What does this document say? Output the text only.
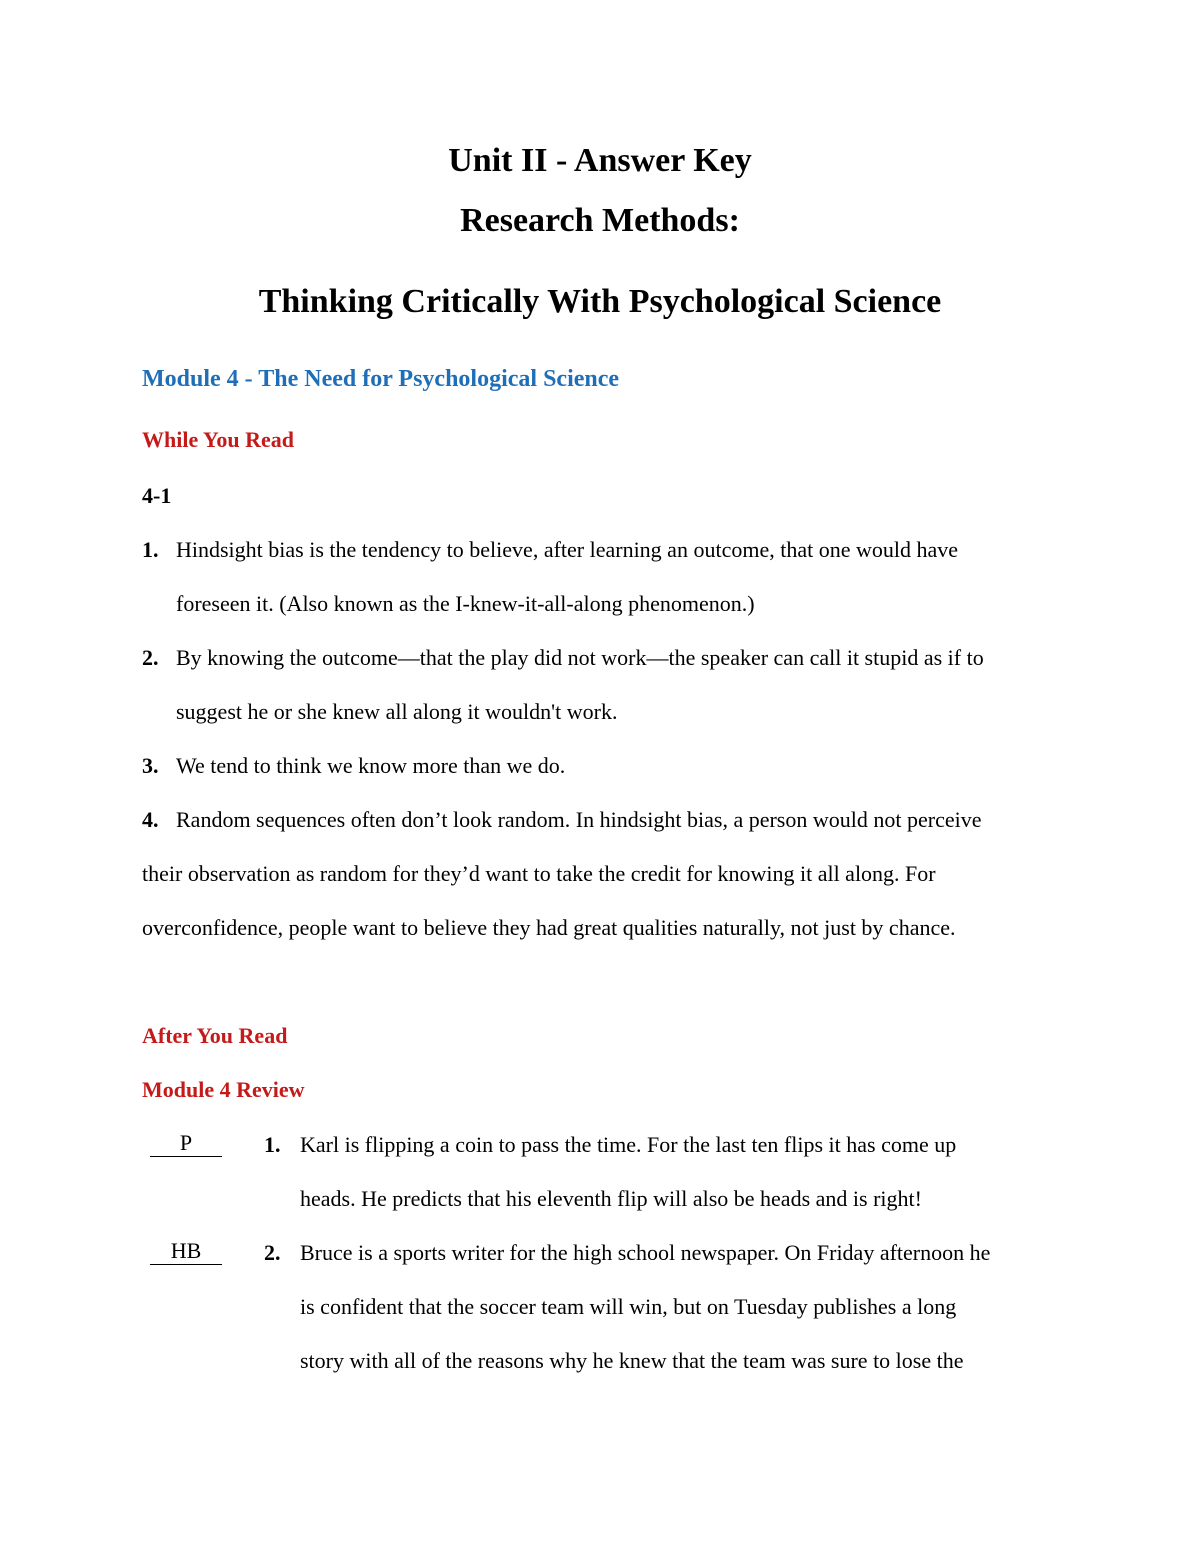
Unit II - Answer Key
Research Methods:
Thinking Critically With Psychological Science
Module 4 - The Need for Psychological Science
While You Read
4-1
1. Hindsight bias is the tendency to believe, after learning an outcome, that one would have
foreseen it. (Also known as the I-knew-it-all-along phenomenon.)
2. By knowing the outcome—that the play did not work—the speaker can call it stupid as if to
suggest he or she knew all along it wouldn't work.
3. We tend to think we know more than we do.
4. Random sequences often don’t look random. In hindsight bias, a person would not perceive
their observation as random for they’d want to take the credit for knowing it all along. For
overconfidence, people want to believe they had great qualities naturally, not just by chance.
After You Read
Module 4 Review
P	1. Karl is flipping a coin to pass the time. For the last ten flips it has come up
heads. He predicts that his eleventh flip will also be heads and is right!
HB	2. Bruce is a sports writer for the high school newspaper. On Friday afternoon he
is confident that the soccer team will win, but on Tuesday publishes a long
story with all of the reasons why he knew that the team was sure to lose the
